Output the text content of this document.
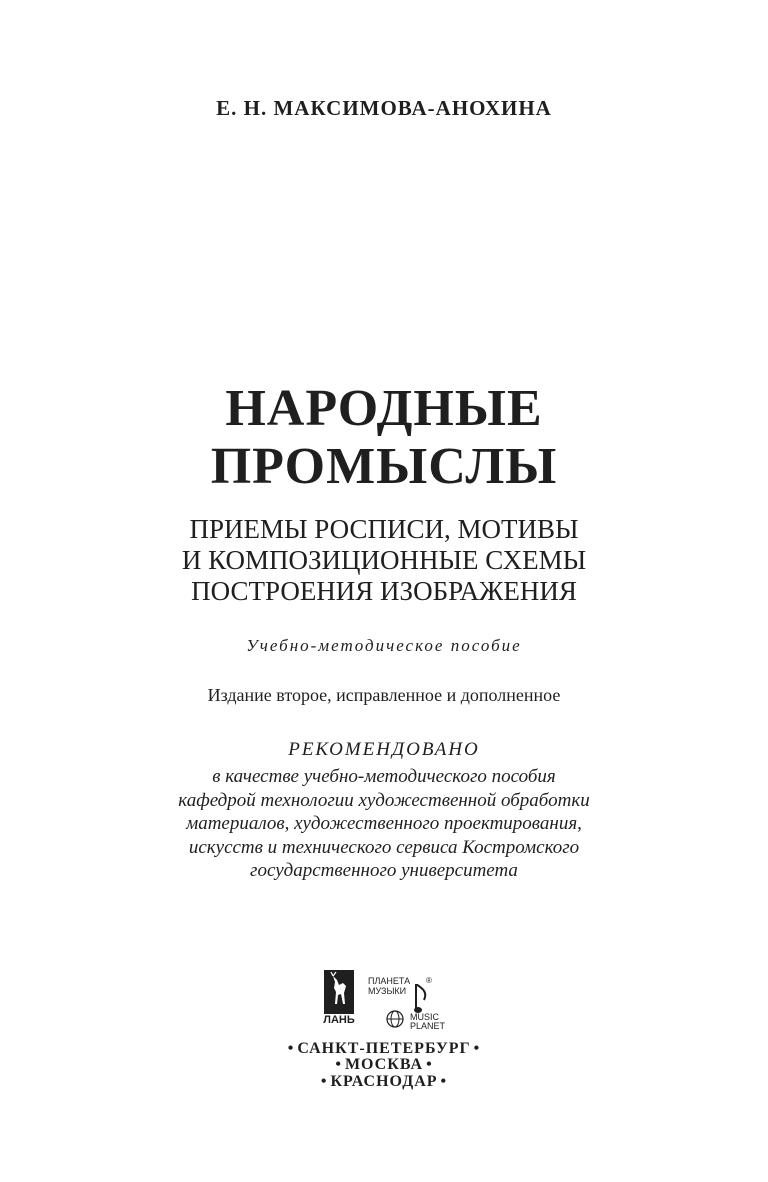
Е. Н. МАКСИМОВА-АНОХИНА
НАРОДНЫЕ
ПРОМЫСЛЫ
ПРИЕМЫ РОСПИСИ, МОТИВЫ
И КОМПОЗИЦИОННЫЕ СХЕМЫ
ПОСТРОЕНИЯ ИЗОБРАЖЕНИЯ
Учебно-методическое пособие
Издание второе, исправленное и дополненное
РЕКОМЕНДОВАНО
в качестве учебно-методического пособия
кафедрой технологии художественной обработки
материалов, художественного проектирования,
искусств и технического сервиса Костромского
государственного университета
ЛАНЬ
ПЛАНЕТА
МУЗЫКИ
®
MUSIC
PLANET
• САНКТ-ПЕТЕРБУРГ •
• МОСКВА •
• КРАСНОДАР •
